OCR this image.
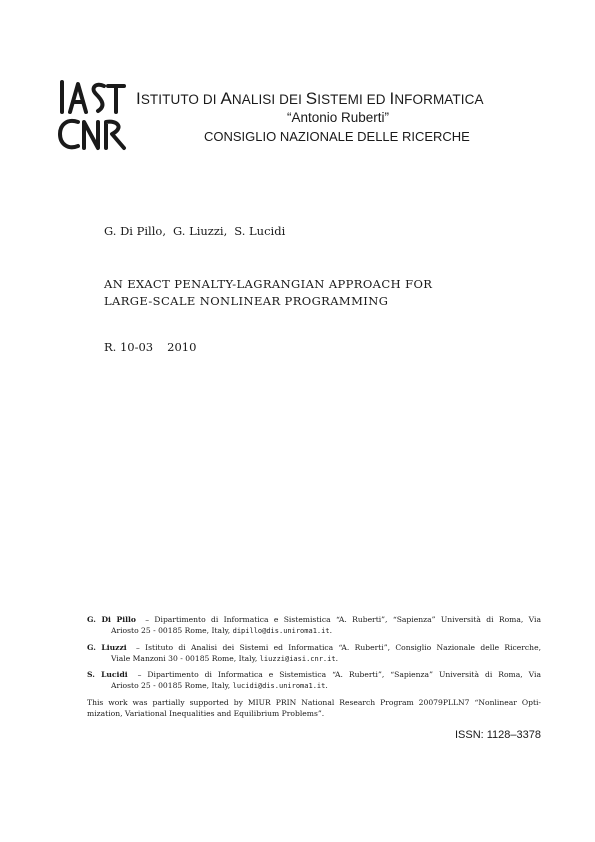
ISTITUTO DI ANALISI DEI SISTEMI ED INFORMATICA
“Antonio Ruberti”
CONSIGLIO NAZIONALE DELLE RICERCHE
G. Di Pillo, G. Liuzzi, S. Lucidi
AN EXACT PENALTY-LAGRANGIAN APPROACH FOR
LARGE-SCALE NONLINEAR PROGRAMMING
R. 10-03 2010
G. Di Pillo – Dipartimento di Informatica e Sistemistica “A. Ruberti”, “Sapienza” Università di Roma, Via
Ariosto 25 - 00185 Rome, Italy, dipillo@dis.uniroma1.it.
G. Liuzzi – Istituto di Analisi dei Sistemi ed Informatica “A. Ruberti”, Consiglio Nazionale delle Ricerche,
Viale Manzoni 30 - 00185 Rome, Italy, liuzzi@iasi.cnr.it.
S. Lucidi – Dipartimento di Informatica e Sistemistica “A. Ruberti”, “Sapienza” Università di Roma, Via
Ariosto 25 - 00185 Rome, Italy, lucidi@dis.uniroma1.it.
This work was partially supported by MIUR PRIN National Research Program 20079PLLN7 “Nonlinear Opti-
mization, Variational Inequalities and Equilibrium Problems”.
ISSN: 1128–3378
